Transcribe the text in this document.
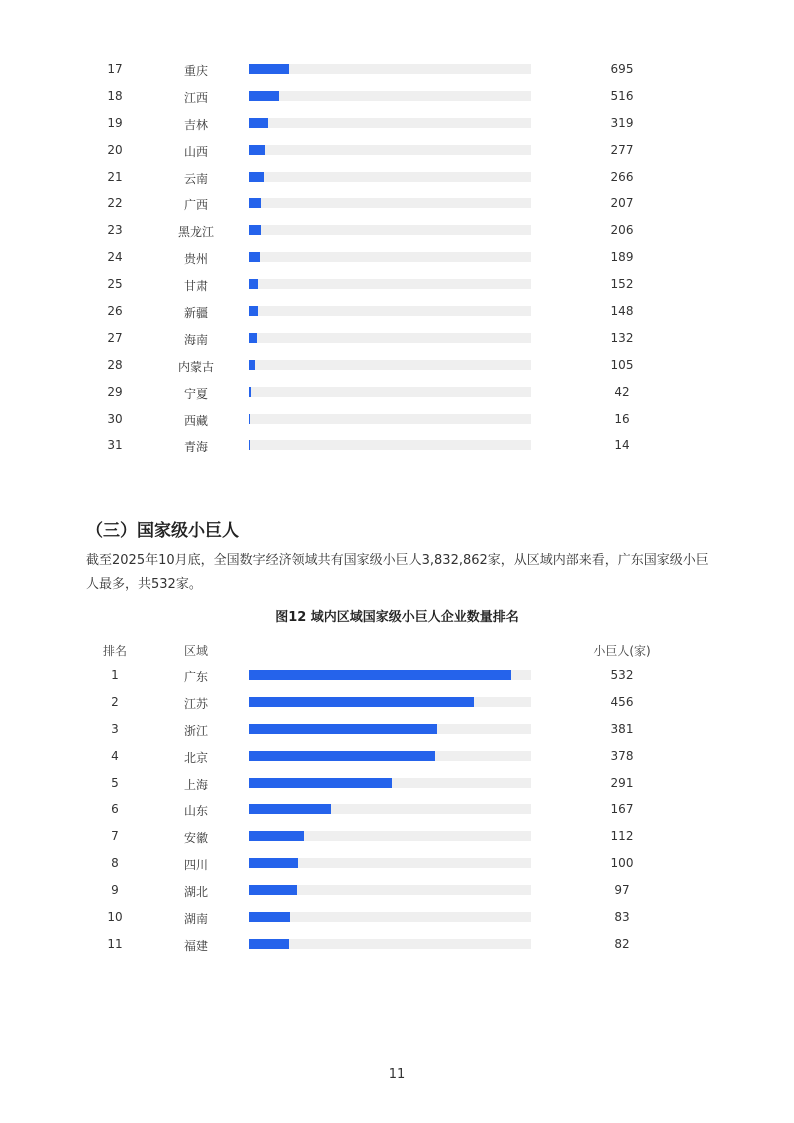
17	重庆	695
18	江西	516
19	吉林	319
20	山西	277
21	云南	266
22	广西	207
23	黑龙江	206
24	贵州	189
25	甘肃	152
26	新疆	148
27	海南	132
28	内蒙古	105
29	宁夏	42
30	西藏	16
31	青海	14
（三）国家级小巨人
截至2025年10月底，全国数字经济领域共有国家级小巨人3,832,862家，从区域内部来看，广东国家级小巨人最多，共532家。
图12 域内区域国家级小巨人企业数量排名
排名	区域	小巨人(家)
1	广东	532
2	江苏	456
3	浙江	381
4	北京	378
5	上海	291
6	山东	167
7	安徽	112
8	四川	100
9	湖北	97
10	湖南	83
11	福建	82
11
